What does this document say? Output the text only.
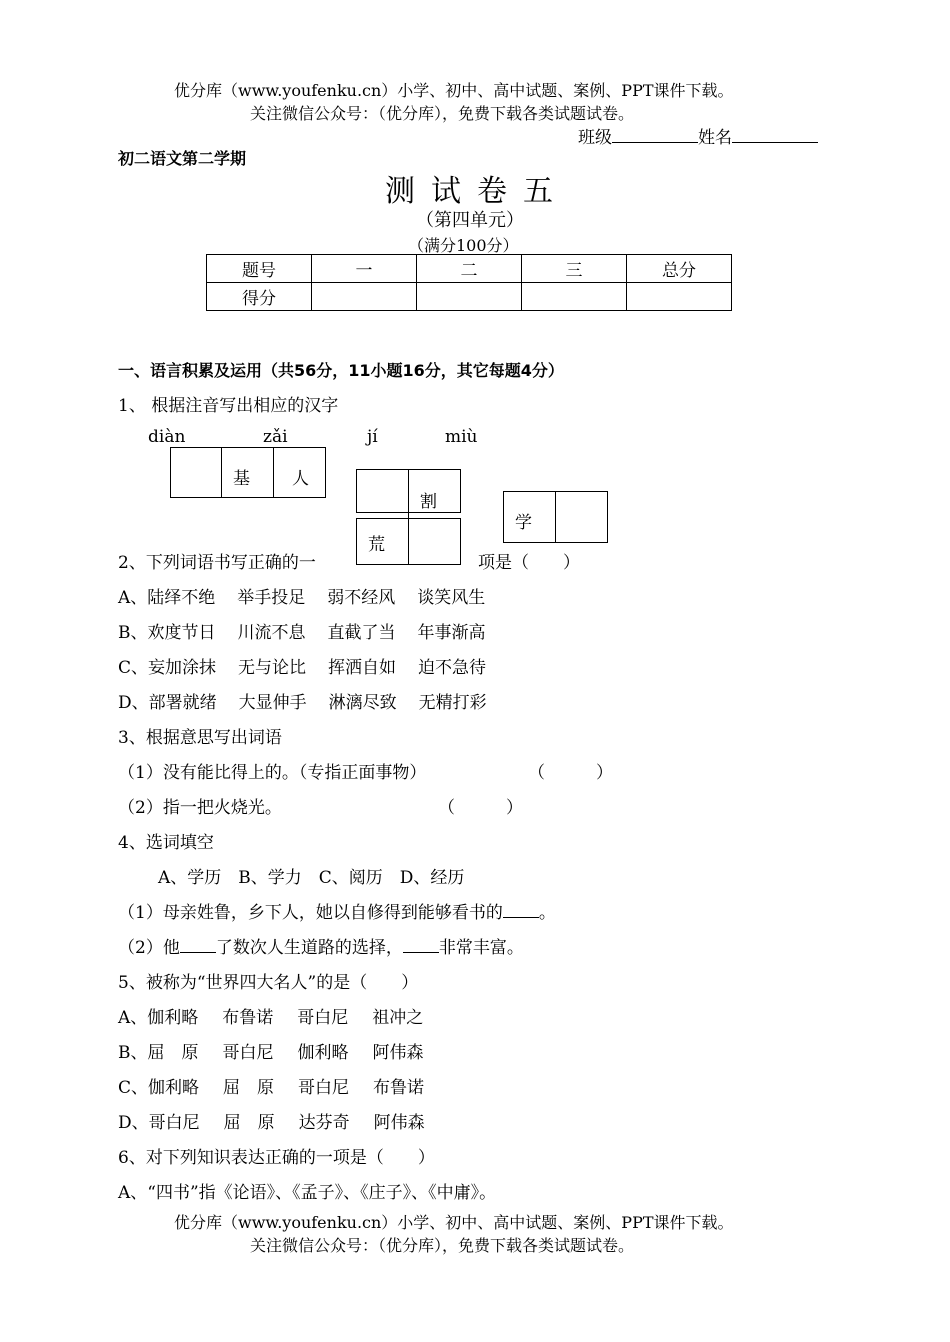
优分库（www.youfenku.cn）小学、初中、高中试题、案例、PPT课件下载。
关注微信公众号：（优分库），免费下载各类试题试卷。
班级	姓名
初二语文第二学期
测试卷五
（第四单元）
（满分100分）
题号	一	二	三	总分
得分				
一、语言积累及运用（共56分，11小题16分，其它每题4分）
1、 根据注音写出相应的汉字
diàn	zǎi	jí	miù
基 人
割
荒
学
2、下列词语书写正确的一	项是（　　）
A、陆绎不绝 举手投足 弱不经风 谈笑风生
B、欢度节日 川流不息 直截了当 年事渐高
C、妄加涂抹 无与论比 挥洒自如 迫不急待
D、部署就绪 大显伸手 淋漓尽致 无精打彩
3、根据意思写出词语
（1）没有能比得上的。（专指正面事物）	（　　　）
（2）指一把火烧光。	（　　　）
4、选词填空
A、学历　B、学力　C、阅历　D、经历
（1）母亲姓鲁，乡下人，她以自修得到能够看书的 。
（2）他 了数次人生道路的选择， 非常丰富。
5、被称为“世界四大名人”的是（　　）
A、伽利略 布鲁诺 哥白尼 祖冲之
B、屈　原 哥白尼 伽利略 阿伟森
C、伽利略 屈　原 哥白尼 布鲁诺
D、哥白尼 屈　原 达芬奇 阿伟森
6、对下列知识表达正确的一项是（　　）
A、“四书”指《论语》、《孟子》、《庄子》、《中庸》。
优分库（www.youfenku.cn）小学、初中、高中试题、案例、PPT课件下载。
关注微信公众号：（优分库），免费下载各类试题试卷。
